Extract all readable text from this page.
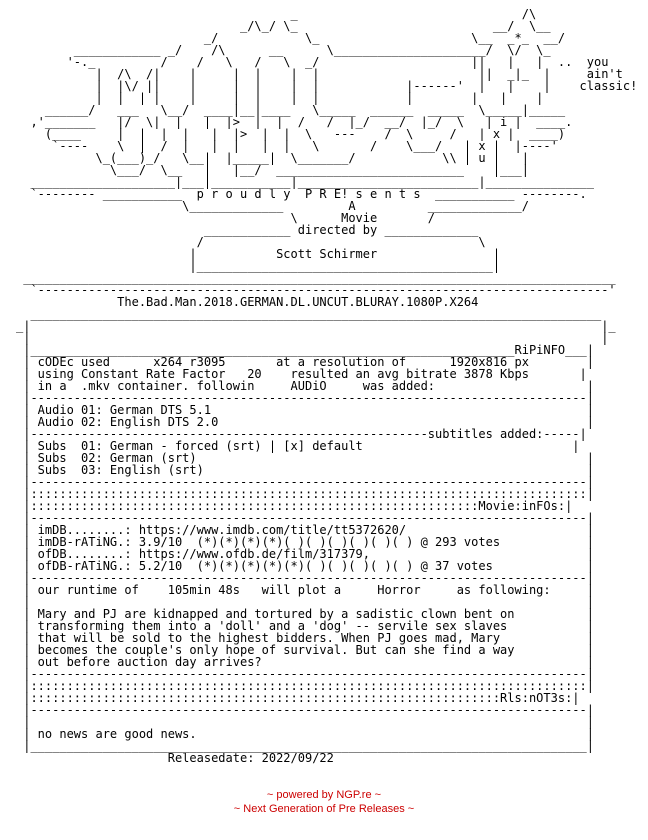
_                               /\
_/\_/ \_                           __/  \__
_/            \_                     \__  _*_  __/
____________ _/    /\      __      \_____________________/  \/  \_
'-._         /    /   \   /   \  _/                     ||   |   |  ..  you
|  /\  /|    |     |  |    |  |                      ||  _|_  |     ain't
|  |\/ ||    |     |  |    |  |            |------'  |   |    |    classic!
|  |  | |    |     |  |    |  |            |        |   |    |
______/   ___   \__/  ____|__|____   \_____  ______  _____  \_____|_____
,'_______   |/  \|  |   |  |>  |  |  /   /  |_/  __/  |_/  \   | i |  ____.
(____     |  |  |  |   |  |>  |  |  \   ---    /  \     /   | x |  ____)
`----    \  |  /  |   |  |   |  |   \       /    \___/   | x |  |----'
\_(___)_/   \__|  |_____|  \_______/            \\ | u |   |
\___/  \__   |   |__/  __________________________    |___|
____________________|___|___________|_________________________|_______________
`-------- ___________  p r o u d l y  P R E! s e n t s  ___________ --------.
\_____________         A          _____________/
\      Movie       /
____________ directed by _____________
/                                      \
|           Scott Schirmer                |
|_________________________________________|
__________________________________________________________________________________
`-------------------------------------------------------------------------------'
The.Bad.Man.2018.GERMAN.DL.UNCUT.BLURAY.1080P.X264
_______________________________________________________________________________
_|                                                                               |_
|                                                                               |
|___________________________________________________________________RiPiNFO___|
| cODEc used      x264 r3095       at a resolution of      1920x816 px        |
| using Constant Rate Factor   20    resulted an avg bitrate 3878 Kbps       |
| in a  .mkv container. followin     AUDiO     was added:                     |
|-----------------------------------------------------------------------------|
| Audio 01: German DTS 5.1                                                    |
| Audio 02: English DTS 2.0                                                   |
|-------------------------------------------------------subtitles added:-----|
| Subs  01: German - forced (srt) | [x] default                             |
| Subs  02: German (srt)                                                      |
| Subs  03: English (srt)                                                     |
|-----------------------------------------------------------------------------|
|:::::::::::::::::::::::::::::::::::::::::::::::::::::::::::::::::::::::::::::|
|::::::::::::::::::::::::::::::::::::::::::::::::::::::::::::::Movie:inFOs:|
|-----------------------------------------------------------------------------|
| imDB........: https://www.imdb.com/title/tt5372620/                         |
| imDB-rATiNG.: 3.9/10  (*)(*)(*)(*)( )( )( )( )( )( ) @ 293 votes            |
| ofDB........: https://www.ofdb.de/film/317379,                              |
| ofDB-rATiNG.: 5.2/10  (*)(*)(*)(*)(*)( )( )( )( )( ) @ 37 votes             |
|-----------------------------------------------------------------------------|
| our runtime of    105min 48s   will plot a     Horror     as following:     |
|                                                                             |
| Mary and PJ are kidnapped and tortured by a sadistic clown bent on          |
| transforming them into a 'doll' and a 'dog' -- servile sex slaves           |
| that will be sold to the highest bidders. When PJ goes mad, Mary            |
| becomes the couple's only hope of survival. But can she find a way          |
| out before auction day arrives?                                             |
|-----------------------------------------------------------------------------|
|:::::::::::::::::::::::::::::::::::::::::::::::::::::::::::::::::::::::::::::|
|:::::::::::::::::::::::::::::::::::::::::::::::::::::::::::::::::Rls:nOT3s:|
|-----------------------------------------------------------------------------|
|                                                                             |
| no news are good news.                                                      |
|_____________________________________________________________________________|
Releasedate: 2022/09/22
~ powered by NGP.re ~
~ Next Generation of Pre Releases ~
